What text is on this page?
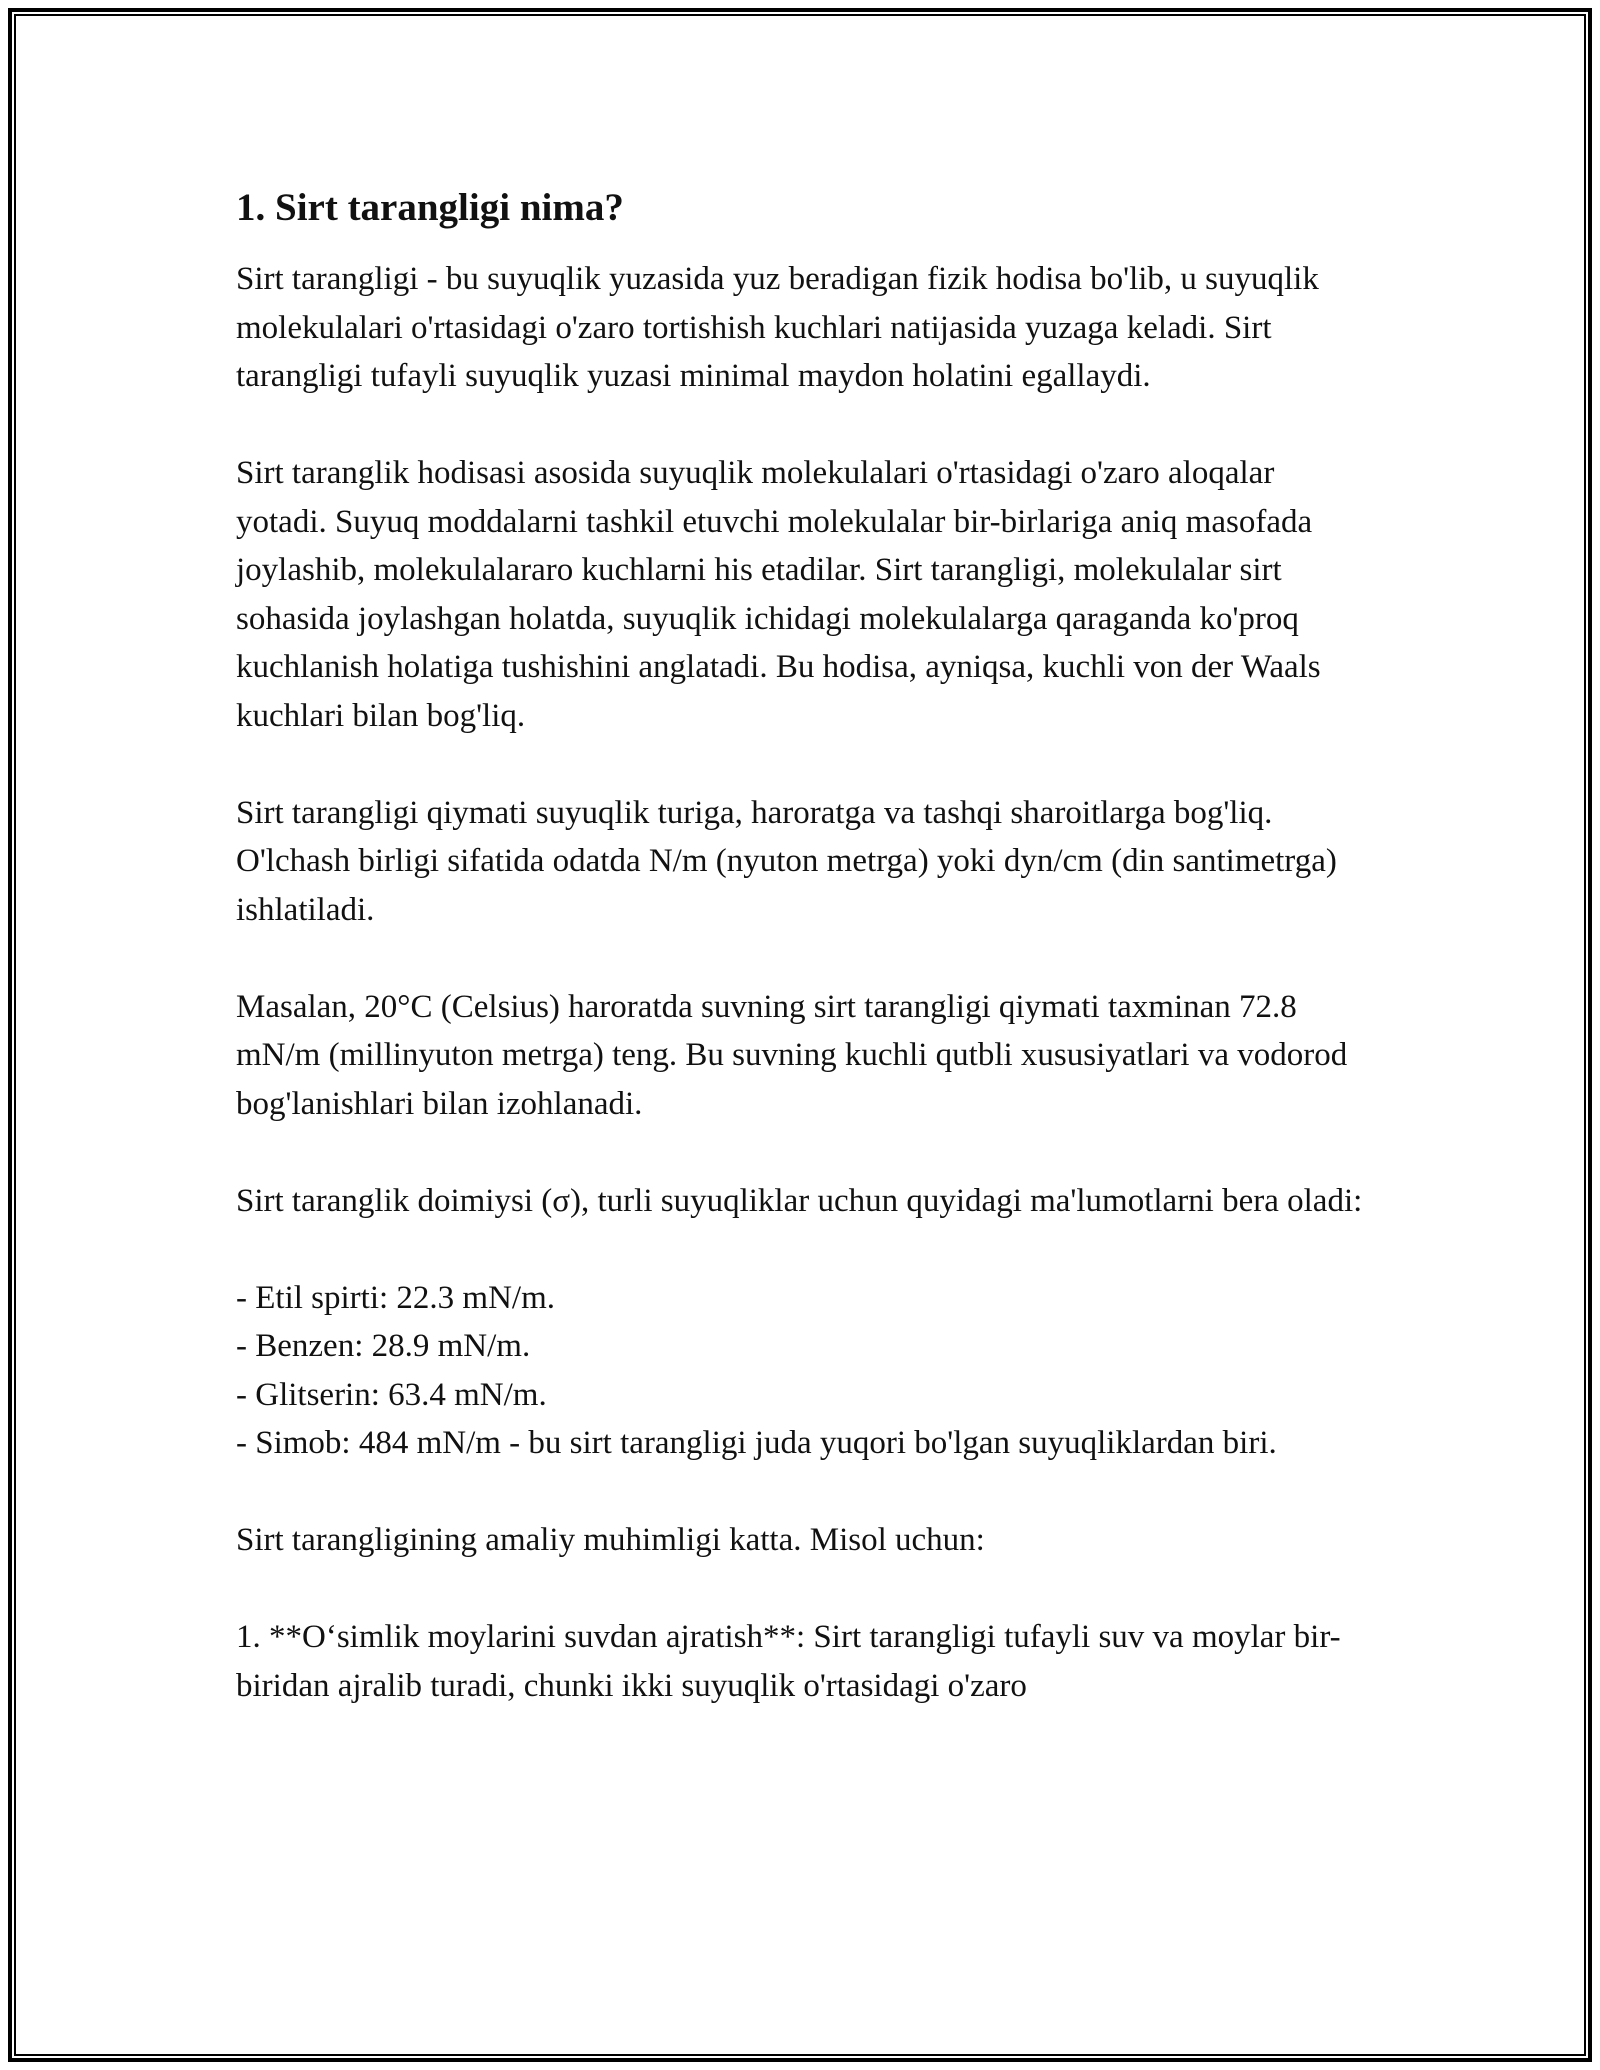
1. Sirt tarangligi nima?

Sirt tarangligi - bu suyuqlik yuzasida yuz beradigan fizik hodisa bo'lib, u suyuqlik molekulalari o'rtasidagi o'zaro tortishish kuchlari natijasida yuzaga keladi. Sirt tarangligi tufayli suyuqlik yuzasi minimal maydon holatini egallaydi.

Sirt taranglik hodisasi asosida suyuqlik molekulalari o'rtasidagi o'zaro aloqalar yotadi. Suyuq moddalarni tashkil etuvchi molekulalar bir-birlariga aniq masofada joylashib, molekulalararo kuchlarni his etadilar. Sirt tarangligi, molekulalar sirt sohasida joylashgan holatda, suyuqlik ichidagi molekulalarga qaraganda ko'proq kuchlanish holatiga tushishini anglatadi. Bu hodisa, ayniqsa, kuchli von der Waals kuchlari bilan bog'liq.

Sirt tarangligi qiymati suyuqlik turiga, haroratga va tashqi sharoitlarga bog'liq. O'lchash birligi sifatida odatda N/m (nyuton metrga) yoki dyn/cm (din santimetrga) ishlatiladi.

Masalan, 20°C (Celsius) haroratda suvning sirt tarangligi qiymati taxminan 72.8 mN/m (millinyuton metrga) teng. Bu suvning kuchli qutbli xususiyatlari va vodorod bog'lanishlari bilan izohlanadi.

Sirt taranglik doimiysi (σ), turli suyuqliklar uchun quyidagi ma'lumotlarni bera oladi:

- Etil spirti: 22.3 mN/m.

- Benzen: 28.9 mN/m.

- Glitserin: 63.4 mN/m.

- Simob: 484 mN/m - bu sirt tarangligi juda yuqori bo'lgan suyuqliklardan biri.

Sirt tarangligining amaliy muhimligi katta. Misol uchun:

1. **O‘simlik moylarini suvdan ajratish**: Sirt tarangligi tufayli suv va moylar bir-biridan ajralib turadi, chunki ikki suyuqlik o'rtasidagi o'zaro
